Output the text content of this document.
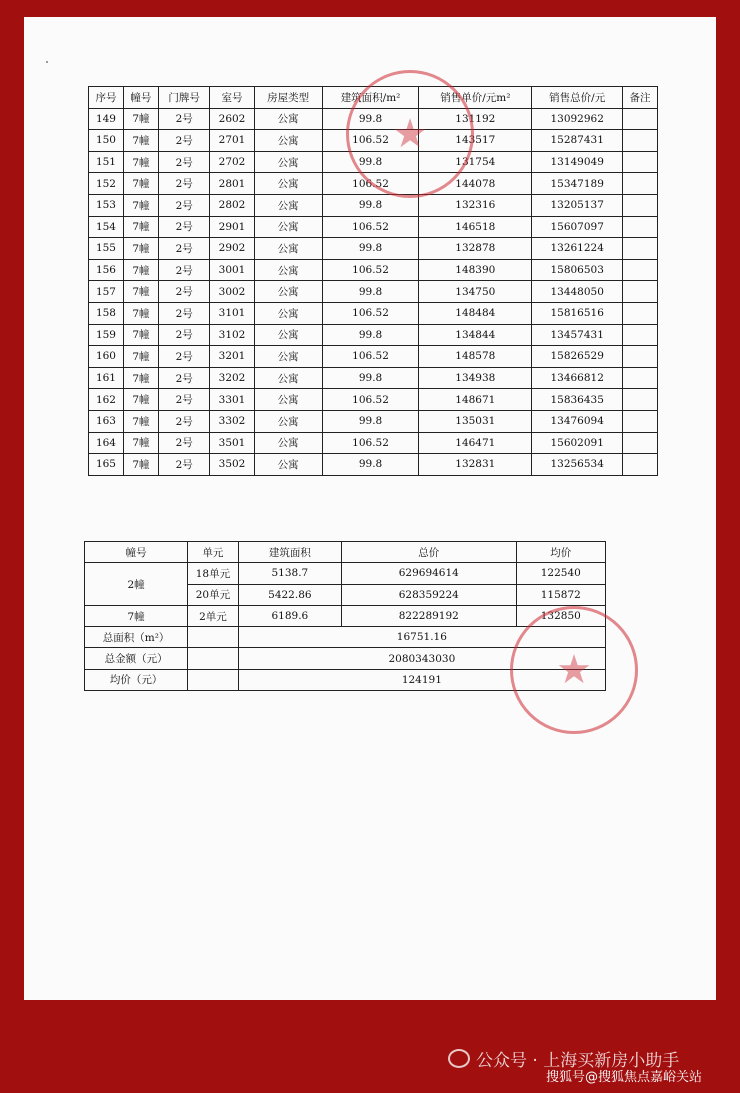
序号	幢号	门牌号	室号	房屋类型	建筑面积/m²	销售单价/元m²	销售总价/元	备注
149	7幢	2号	2602	公寓	99.8	131192	13092962	
150	7幢	2号	2701	公寓	106.52	143517	15287431	
151	7幢	2号	2702	公寓	99.8	131754	13149049	
152	7幢	2号	2801	公寓	106.52	144078	15347189	
153	7幢	2号	2802	公寓	99.8	132316	13205137	
154	7幢	2号	2901	公寓	106.52	146518	15607097	
155	7幢	2号	2902	公寓	99.8	132878	13261224	
156	7幢	2号	3001	公寓	106.52	148390	15806503	
157	7幢	2号	3002	公寓	99.8	134750	13448050	
158	7幢	2号	3101	公寓	106.52	148484	15816516	
159	7幢	2号	3102	公寓	99.8	134844	13457431	
160	7幢	2号	3201	公寓	106.52	148578	15826529	
161	7幢	2号	3202	公寓	99.8	134938	13466812	
162	7幢	2号	3301	公寓	106.52	148671	15836435	
163	7幢	2号	3302	公寓	99.8	135031	13476094	
164	7幢	2号	3501	公寓	106.52	146471	15602091	
165	7幢	2号	3502	公寓	99.8	132831	13256534	
幢号	单元	建筑面积	总价	均价
2幢	18单元	5138.7	629694614	122540
	20单元	5422.86	628359224	115872
7幢	2单元	6189.6	822289192	132850
总面积（m²）		16751.16		
总金额（元）		2080343030		
均价（元）		124191		
★
★
公众号 · 上海买新房小助手
搜狐号@搜狐焦点嘉峪关站
